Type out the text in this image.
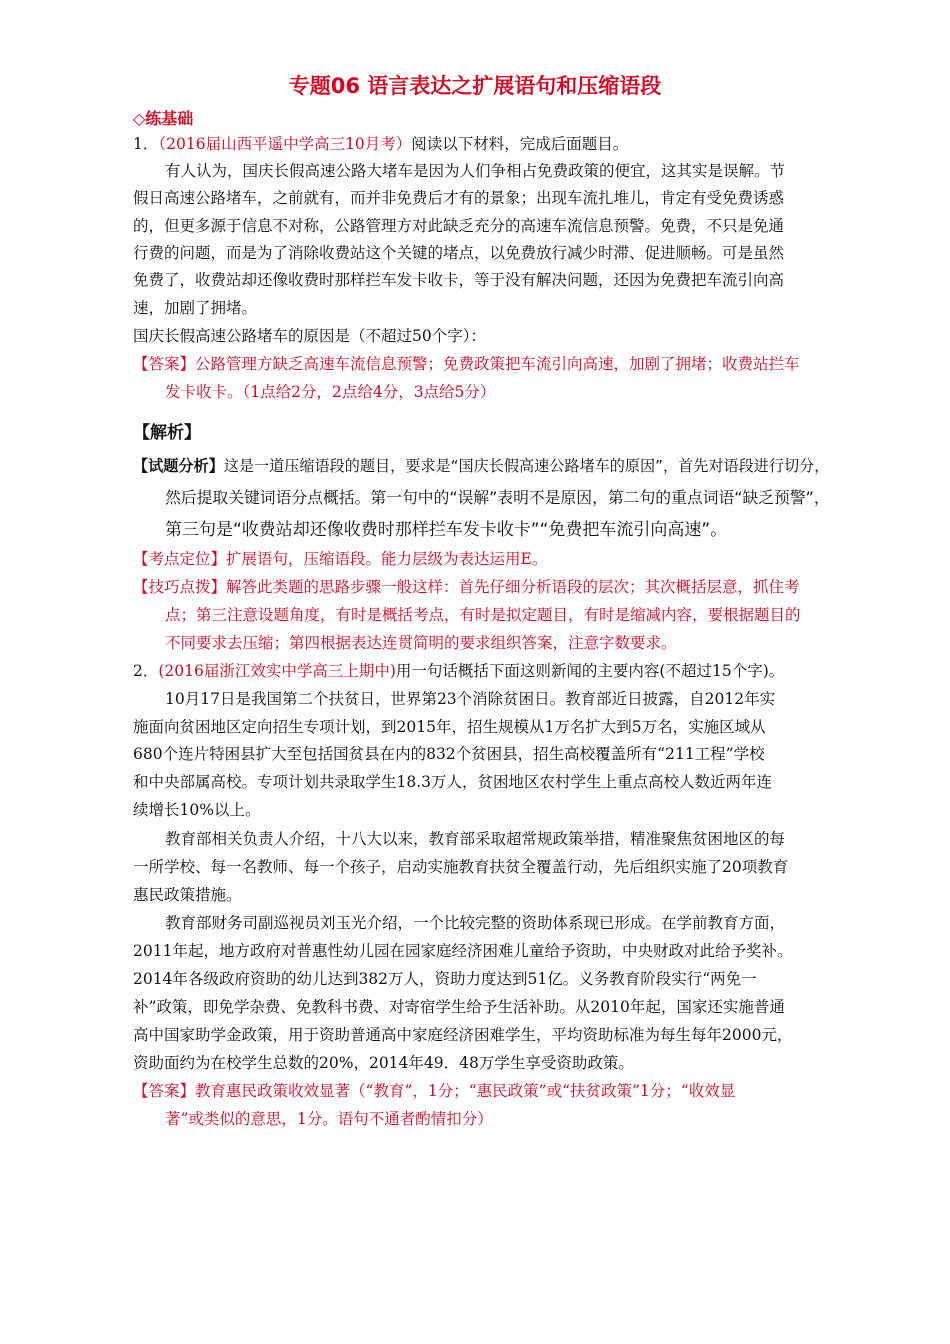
专题06 语言表达之扩展语句和压缩语段
◇练基础
1．（2016届山西平遥中学高三10月考）阅读以下材料，完成后面题目。
有人认为，国庆长假高速公路大堵车是因为人们争相占免费政策的便宜，这其实是误解。节
假日高速公路堵车，之前就有，而并非免费后才有的景象；出现车流扎堆儿，肯定有受免费诱惑
的，但更多源于信息不对称，公路管理方对此缺乏充分的高速车流信息预警。免费，不只是免通
行费的问题，而是为了消除收费站这个关键的堵点，以免费放行减少时滞、促进顺畅。可是虽然
免费了，收费站却还像收费时那样拦车发卡收卡，等于没有解决问题，还因为免费把车流引向高
速，加剧了拥堵。
国庆长假高速公路堵车的原因是（不超过50个字）：
【答案】公路管理方缺乏高速车流信息预警；免费政策把车流引向高速，加剧了拥堵；收费站拦车
发卡收卡。（1点给2分，2点给4分，3点给5分）
【解析】
【试题分析】这是一道压缩语段的题目，要求是“国庆长假高速公路堵车的原因”，首先对语段进行切分，
然后提取关键词语分点概括。第一句中的“误解”表明不是原因，第二句的重点词语“缺乏预警”，
第三句是“收费站却还像收费时那样拦车发卡收卡”“免费把车流引向高速”。
【考点定位】扩展语句，压缩语段。能力层级为表达运用E。
【技巧点拨】解答此类题的思路步骤一般这样：首先仔细分析语段的层次；其次概括层意，抓住考
点；第三注意设题角度，有时是概括考点，有时是拟定题目，有时是缩减内容，要根据题目的
不同要求去压缩；第四根据表达连贯简明的要求组织答案，注意字数要求。
2．(2016届浙江效实中学高三上期中)用一句话概括下面这则新闻的主要内容(不超过15个字)。
10月17日是我国第二个扶贫日，世界第23个消除贫困日。教育部近日披露，自2012年实
施面向贫困地区定向招生专项计划，到2015年，招生规模从1万名扩大到5万名，实施区域从
680个连片特困县扩大至包括国贫县在内的832个贫困县，招生高校覆盖所有“211工程”学校
和中央部属高校。专项计划共录取学生18.3万人，贫困地区农村学生上重点高校人数近两年连
续增长10%以上。
教育部相关负责人介绍，十八大以来，教育部采取超常规政策举措，精准聚焦贫困地区的每
一所学校、每一名教师、每一个孩子，启动实施教育扶贫全覆盖行动，先后组织实施了20项教育
惠民政策措施。
教育部财务司副巡视员刘玉光介绍，一个比较完整的资助体系现已形成。在学前教育方面，
2011年起，地方政府对普惠性幼儿园在园家庭经济困难儿童给予资助，中央财政对此给予奖补。
2014年各级政府资助的幼儿达到382万人，资助力度达到51亿。义务教育阶段实行“两免一
补”政策，即免学杂费、免教科书费、对寄宿学生给予生活补助。从2010年起，国家还实施普通
高中国家助学金政策，用于资助普通高中家庭经济困难学生，平均资助标准为每生每年2000元，
资助面约为在校学生总数的20%，2014年49．48万学生享受资助政策。
【答案】教育惠民政策收效显著（“教育”，1分；“惠民政策”或“扶贫政策”1分；“收效显
著”或类似的意思，1分。语句不通者酌情扣分）
